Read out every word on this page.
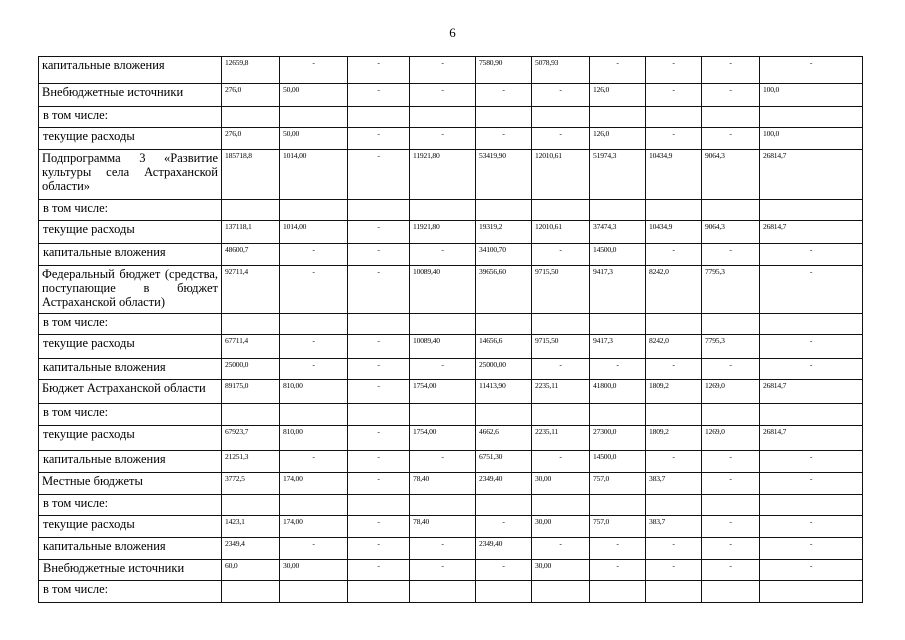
6
капитальные вложения	12659,8	-	-	-	7580,90	5078,93	-	-	-	-
Внебюджетные источники	276,0	50,00	-	-	-	-	126,0	-	-	100,0
в том числе:										
текущие расходы	276,0	50,00	-	-	-	-	126,0	-	-	100,0
Подпрограмма 3 «Развитие культуры села Астраханской области»	185718,8	1014,00	-	11921,80	53419,90	12010,61	51974,3	10434,9	9064,3	26814,7
в том числе:										
текущие расходы	137118,1	1014,00	-	11921,80	19319,2	12010,61	37474,3	10434,9	9064,3	26814,7
капитальные вложения	48600,7	-	-	-	34100,70	-	14500,0	-	-	-
Федеральный бюджет (средства, поступающие в бюджет Астраханской области)	92711,4	-	-	10089,40	39656,60	9715,50	9417,3	8242,0	7795,3	-
в том числе:										
текущие расходы	67711,4	-	-	10089,40	14656,6	9715,50	9417,3	8242,0	7795,3	-
капитальные вложения	25000,0	-	-	-	25000,00	-	-	-	-	-
Бюджет Астраханской области	89175,0	810,00	-	1754,00	11413,90	2235,11	41800,0	1809,2	1269,0	26814,7
в том числе:										
текущие расходы	67923,7	810,00	-	1754,00	4662,6	2235,11	27300,0	1809,2	1269,0	26814,7
капитальные вложения	21251,3	-	-	-	6751,30	-	14500,0	-	-	-
Местные бюджеты	3772,5	174,00	-	78,40	2349,40	30,00	757,0	383,7	-	-
в том числе:										
текущие расходы	1423,1	174,00	-	78,40	-	30,00	757,0	383,7	-	-
капитальные вложения	2349,4	-	-	-	2349,40	-	-	-	-	-
Внебюджетные источники	60,0	30,00	-	-	-	30,00	-	-	-	-
в том числе:										
